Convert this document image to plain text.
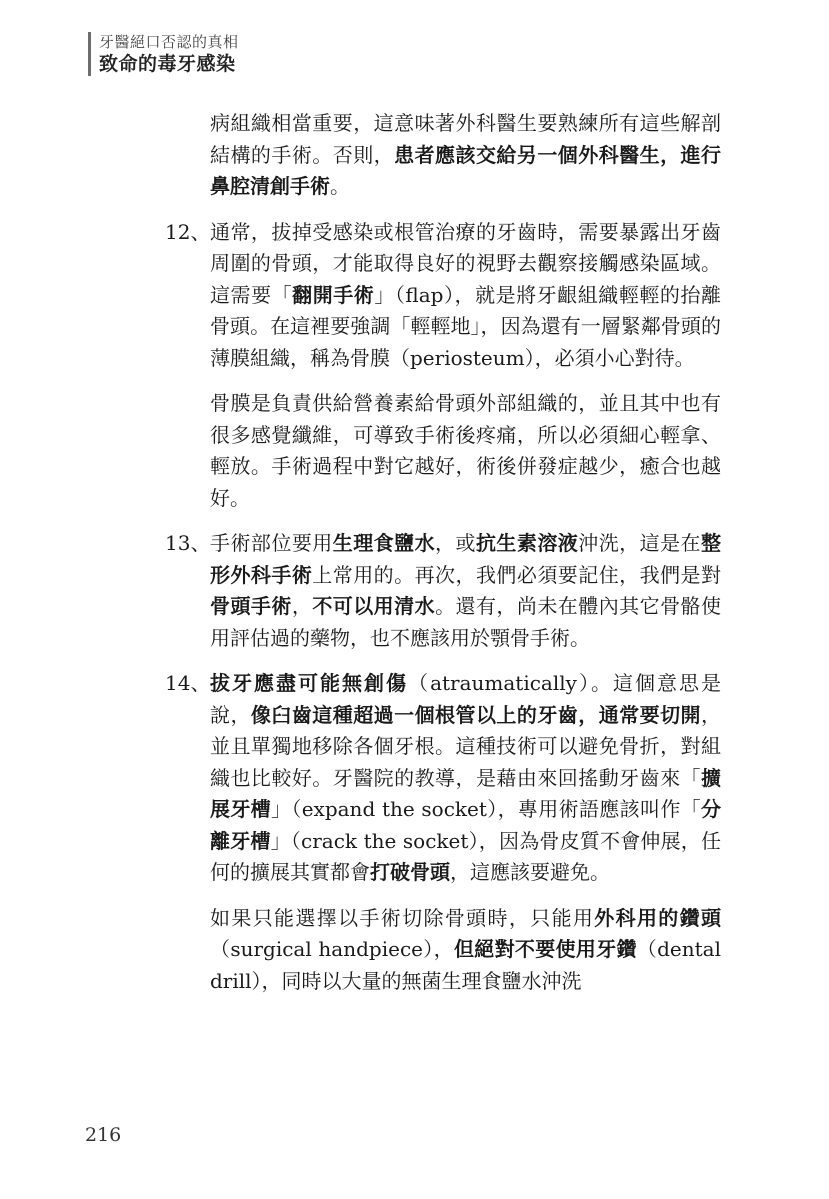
牙醫絕口否認的真相
致命的毒牙感染

病組織相當重要，這意味著外科醫生要熟練所有這些解剖結構的手術。否則，患者應該交給另一個外科醫生，進行鼻腔清創手術。

12、 通常，拔掉受感染或根管治療的牙齒時，需要暴露出牙齒周圍的骨頭，才能取得良好的視野去觀察接觸感染區域。這需要「翻開手術」（flap），就是將牙齦組織輕輕的抬離骨頭。在這裡要強調「輕輕地」，因為還有一層緊鄰骨頭的薄膜組織，稱為骨膜（periosteum），必須小心對待。

骨膜是負責供給營養素給骨頭外部組織的，並且其中也有很多感覺纖維，可導致手術後疼痛，所以必須細心輕拿、輕放。手術過程中對它越好，術後併發症越少，癒合也越好。

13、 手術部位要用生理食鹽水，或抗生素溶液沖洗，這是在整形外科手術上常用的。再次，我們必須要記住，我們是對骨頭手術，不可以用清水。還有，尚未在體內其它骨骼使用評估過的藥物，也不應該用於顎骨手術。
14、 拔牙應盡可能無創傷（atraumatically）。這個意思是說，像臼齒這種超過一個根管以上的牙齒，通常要切開，並且單獨地移除各個牙根。這種技術可以避免骨折，對組織也比較好。牙醫院的教導，是藉由來回搖動牙齒來「擴展牙槽」（expand the socket），專用術語應該叫作「分離牙槽」（crack the socket），因為骨皮質不會伸展，任何的擴展其實都會打破骨頭，這應該要避免。

如果只能選擇以手術切除骨頭時，只能用外科用的鑽頭（surgical handpiece），但絕對不要使用牙鑽（dental drill），同時以大量的無菌生理食鹽水沖洗

216
